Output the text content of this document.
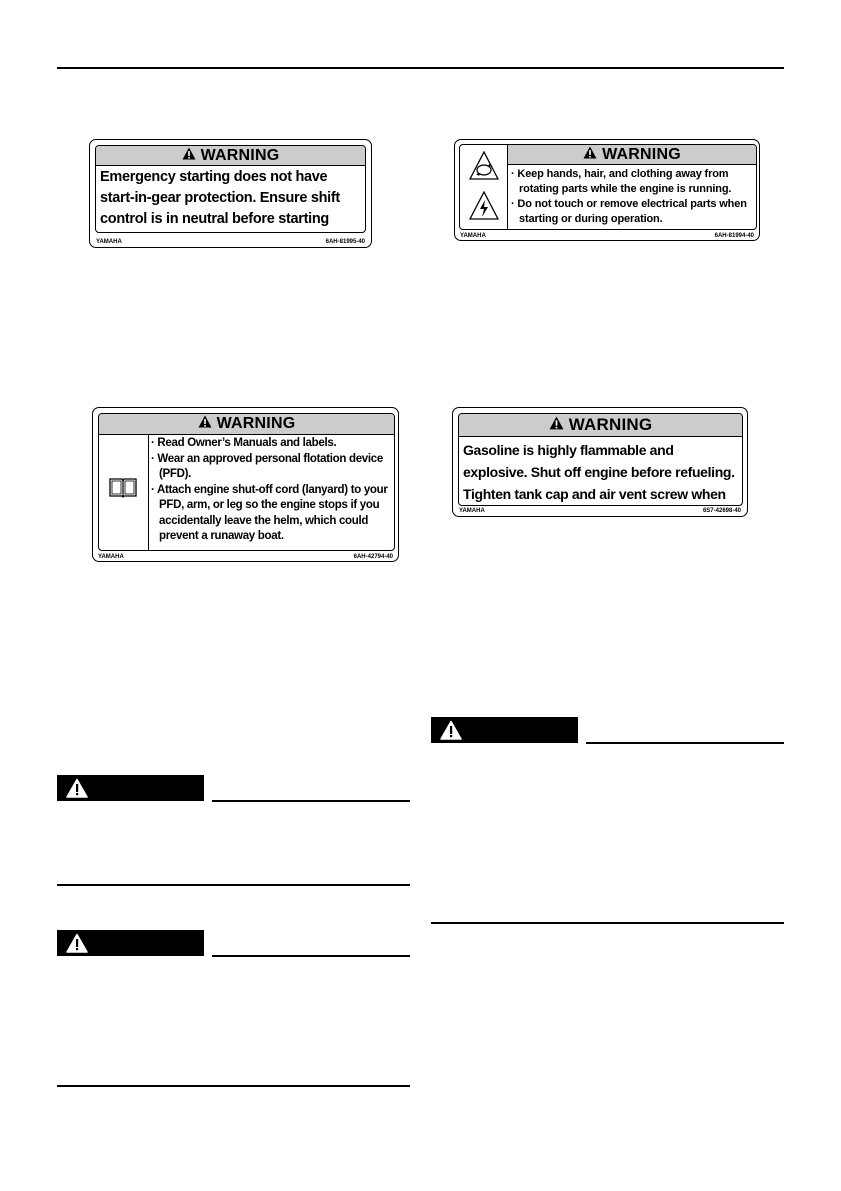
WARNING
Emergency starting does not have start-in-gear protection. Ensure shift control is in neutral before starting
YAMAHA	6AH-81995-40
WARNING
· Keep hands, hair, and clothing away from rotating parts while the engine is running.
· Do not touch or remove electrical parts when starting or during operation.
YAMAHA	6AH-81994-40
WARNING
· Read Owner’s Manuals and labels.
· Wear an approved personal flotation device (PFD).
· Attach engine shut-off cord (lanyard) to your PFD, arm, or leg so the engine stops if you accidentally leave the helm, which could prevent a runaway boat.
YAMAHA	6AH-42794-40
WARNING
Gasoline is highly flammable and explosive. Shut off engine before refueling. Tighten tank cap and air vent screw when
YAMAHA	6S7-42698-40
